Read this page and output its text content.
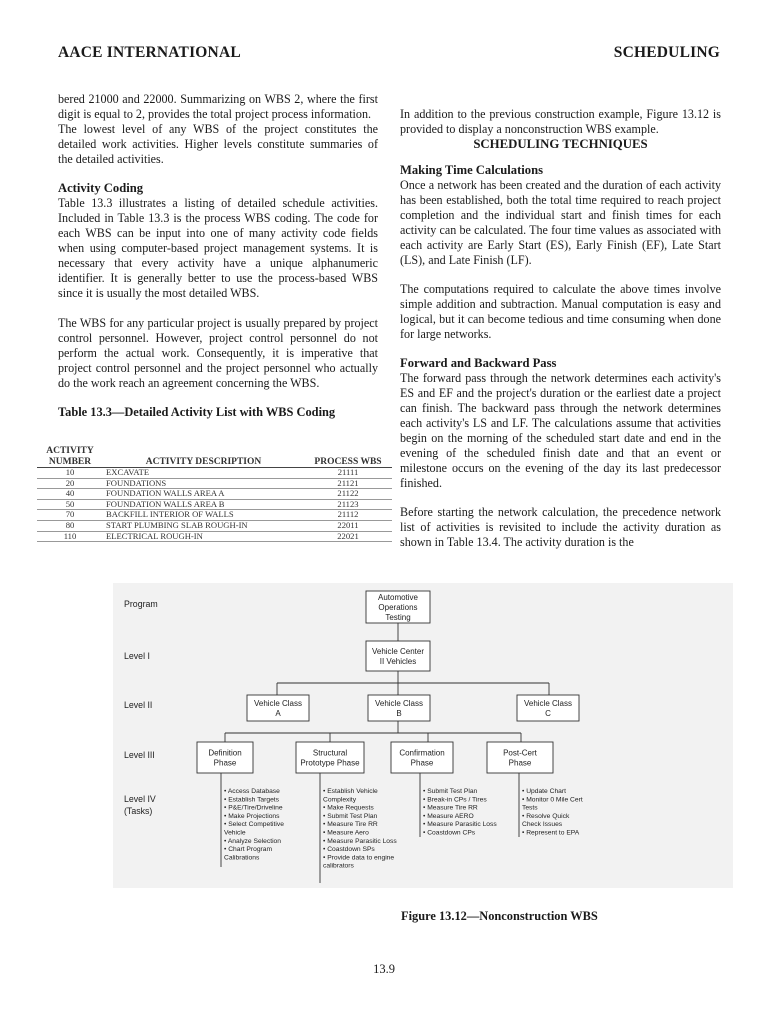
AACE INTERNATIONAL	SCHEDULING

bered 21000 and 22000. Summarizing on WBS 2, where the first digit is equal to 2, provides the total project process information.

The lowest level of any WBS of the project constitutes the detailed work activities. Higher levels constitute summaries of the detailed activities.

Activity Coding

Table 13.3 illustrates a listing of detailed schedule activities. Included in Table 13.3 is the process WBS coding. The code for each WBS can be input into one of many activity code fields when using computer-based project management systems. It is necessary that every activity have a unique alphanumeric identifier. It is generally better to use the process-based WBS since it is usually the most detailed WBS.

The WBS for any particular project is usually prepared by project control personnel. However, project control personnel do not perform the actual work. Consequently, it is imperative that project control personnel and the project personnel who actually do the work reach an agreement concerning the WBS.

Table 13.3—Detailed Activity List with WBS Coding

ACTIVITY NUMBER	ACTIVITY DESCRIPTION	PROCESS WBS
10	EXCAVATE	21111
20	FOUNDATIONS	21121
40	FOUNDATION WALLS AREA A	21122
50	FOUNDATION WALLS AREA B	21123
70	BACKFILL INTERIOR OF WALLS	21112
80	START PLUMBING SLAB ROUGH-IN	22011
110	ELECTRICAL ROUGH-IN	22021

In addition to the previous construction example, Figure 13.12 is provided to display a nonconstruction WBS example.

SCHEDULING TECHNIQUES

Making Time Calculations

Once a network has been created and the duration of each activity has been established, both the total time required to reach project completion and the individual start and finish times for each activity can be calculated. The four time values as associated with each activity are Early Start (ES), Early Finish (EF), Late Start (LS), and Late Finish (LF).

The computations required to calculate the above times involve simple addition and subtraction. Manual computation is easy and logical, but it can become tedious and time consuming when done for large networks.

Forward and Backward Pass

The forward pass through the network determines each activity's ES and EF and the project's duration or the earliest date a project can finish. The backward pass through the network determines each activity's LS and LF. The calculations assume that activities begin on the morning of the scheduled start date and end in the evening of the scheduled finish date and that an event or milestone occurs on the evening of the day its last predecessor finished.

Before starting the network calculation, the precedence network list of activities is revisited to include the activity duration as shown in Table 13.4. The activity duration is the

Automotive
Operations
Testing
Vehicle Center
II Vehicles
Vehicle Class
A
Vehicle Class
B
Vehicle Class
C
Definition
Phase
Structural
Prototype Phase
Confirmation
Phase
Post-Cert
Phase
Program
Level I
Level II
Level III
Level IV
(Tasks)
• Access Database
• Establish Targets
• P&E/Tire/Driveline
• Make Projections
• Select Competitive
Vehicle
• Analyze Selection
• Chart Program
Calibrations
• Establish Vehicle
Complexity
• Make Requests
• Submit Test Plan
• Measure Tire RR
• Measure Aero
• Measure Parasitic Loss
• Coastdown SPs
• Provide data to engine
calibrators
• Submit Test Plan
• Break-in CPs / Tires
• Measure Tire RR
• Measure AERO
• Measure Parasitic Loss
• Coastdown CPs
• Update Chart
• Monitor 0 Mile Cert
Tests
• Resolve Quick
Check Issues
• Represent to EPA
Figure 13.12—Nonconstruction WBS
13.9
